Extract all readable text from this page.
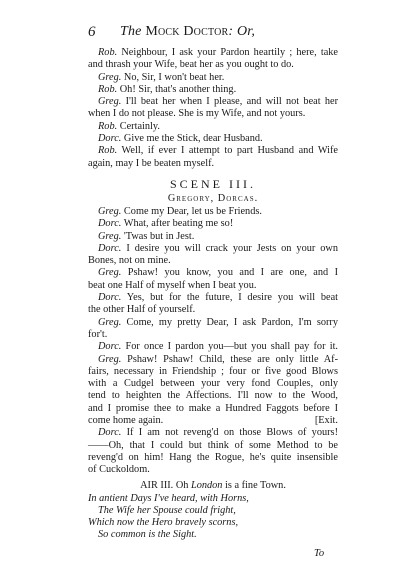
6 The Mock Doctor: Or,
Rob. Neighbour, I ask your Pardon heartily ; here, take
and thrash your Wife, beat her as you ought to do.
Greg. No, Sir, I won't beat her.
Rob. Oh! Sir, that's another thing.
Greg. I'll beat her when I please, and will not beat her
when I do not please. She is my Wife, and not yours.
Rob. Certainly.
Dorc. Give me the Stick, dear Husband.
Rob. Well, if ever I attempt to part Husband and Wife
again, may I be beaten myself.
SCENE III.
Gregory, Dorcas.
Greg. Come my Dear, let us be Friends.
Dorc. What, after beating me so!
Greg. 'Twas but in Jest.
Dorc. I desire you will crack your Jests on your own
Bones, not on mine.
Greg. Pshaw! you know, you and I are one, and I
beat one Half of myself when I beat you.
Dorc. Yes, but for the future, I desire you will beat
the other Half of yourself.
Greg. Come, my pretty Dear, I ask Pardon, I'm sorry
for't.
Dorc. For once I pardon you—but you shall pay for it.
Greg. Pshaw! Pshaw! Child, these are only little Af-
fairs, necessary in Friendship ; four or five good Blows
with a Cudgel between your very fond Couples, only
tend to heighten the Affections. I'll now to the Wood,
and I promise thee to make a Hundred Faggots before I
come home again.	[Exit.
Dorc. If I am not reveng'd on those Blows of yours!
——Oh, that I could but think of some Method to be
reveng'd on him! Hang the Rogue, he's quite insensible
of Cuckoldom.
AIR III. Oh London is a fine Town.
In antient Days I've heard, with Horns,
The Wife her Spouse could fright,
Which now the Hero bravely scorns,
So common is the Sight.
To
